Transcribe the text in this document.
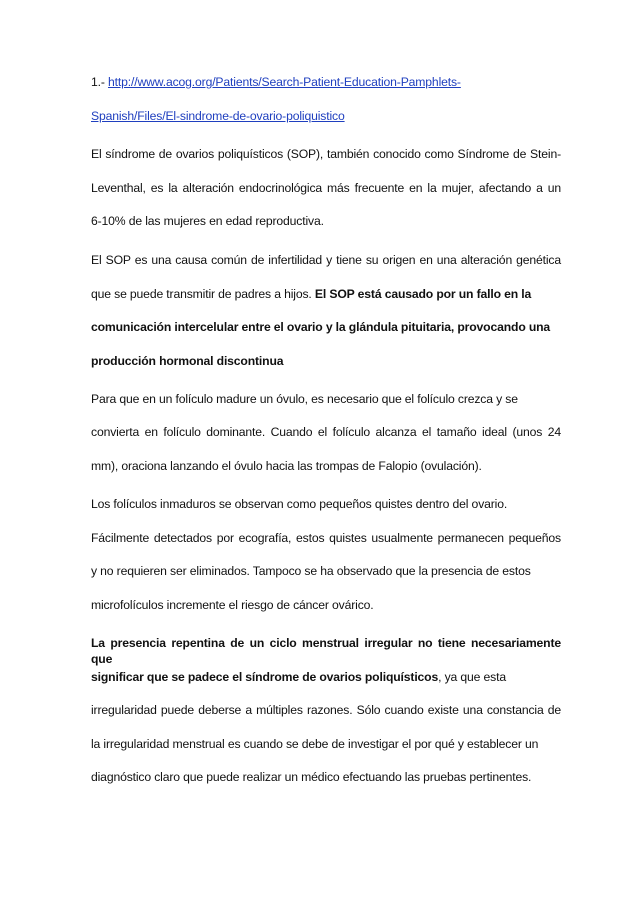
1.- http://www.acog.org/Patients/Search-Patient-Education-Pamphlets-
Spanish/Files/El-sindrome-de-ovario-poliquistico
El síndrome de ovarios poliquísticos (SOP), también conocido como Síndrome de Stein-
Leventhal, es la alteración endocrinológica más frecuente en la mujer, afectando a un
6-10% de las mujeres en edad reproductiva.
El SOP es una causa común de infertilidad y tiene su origen en una alteración genética
que se puede transmitir de padres a hijos. El SOP está causado por un fallo en la
comunicación intercelular entre el ovario y la glándula pituitaria, provocando una
producción hormonal discontinua
Para que en un folículo madure un óvulo, es necesario que el folículo crezca y se
convierta en folículo dominante. Cuando el folículo alcanza el tamaño ideal (unos 24
mm), oraciona lanzando el óvulo hacia las trompas de Falopio (ovulación).
Los folículos inmaduros se observan como pequeños quistes dentro del ovario.
Fácilmente detectados por ecografía, estos quistes usualmente permanecen pequeños
y no requieren ser eliminados. Tampoco se ha observado que la presencia de estos
microfolículos incremente el riesgo de cáncer ovárico.
La presencia repentina de un ciclo menstrual irregular no tiene necesariamente que
significar que se padece el síndrome de ovarios poliquísticos, ya que esta
irregularidad puede deberse a múltiples razones. Sólo cuando existe una constancia de
la irregularidad menstrual es cuando se debe de investigar el por qué y establecer un
diagnóstico claro que puede realizar un médico efectuando las pruebas pertinentes.
